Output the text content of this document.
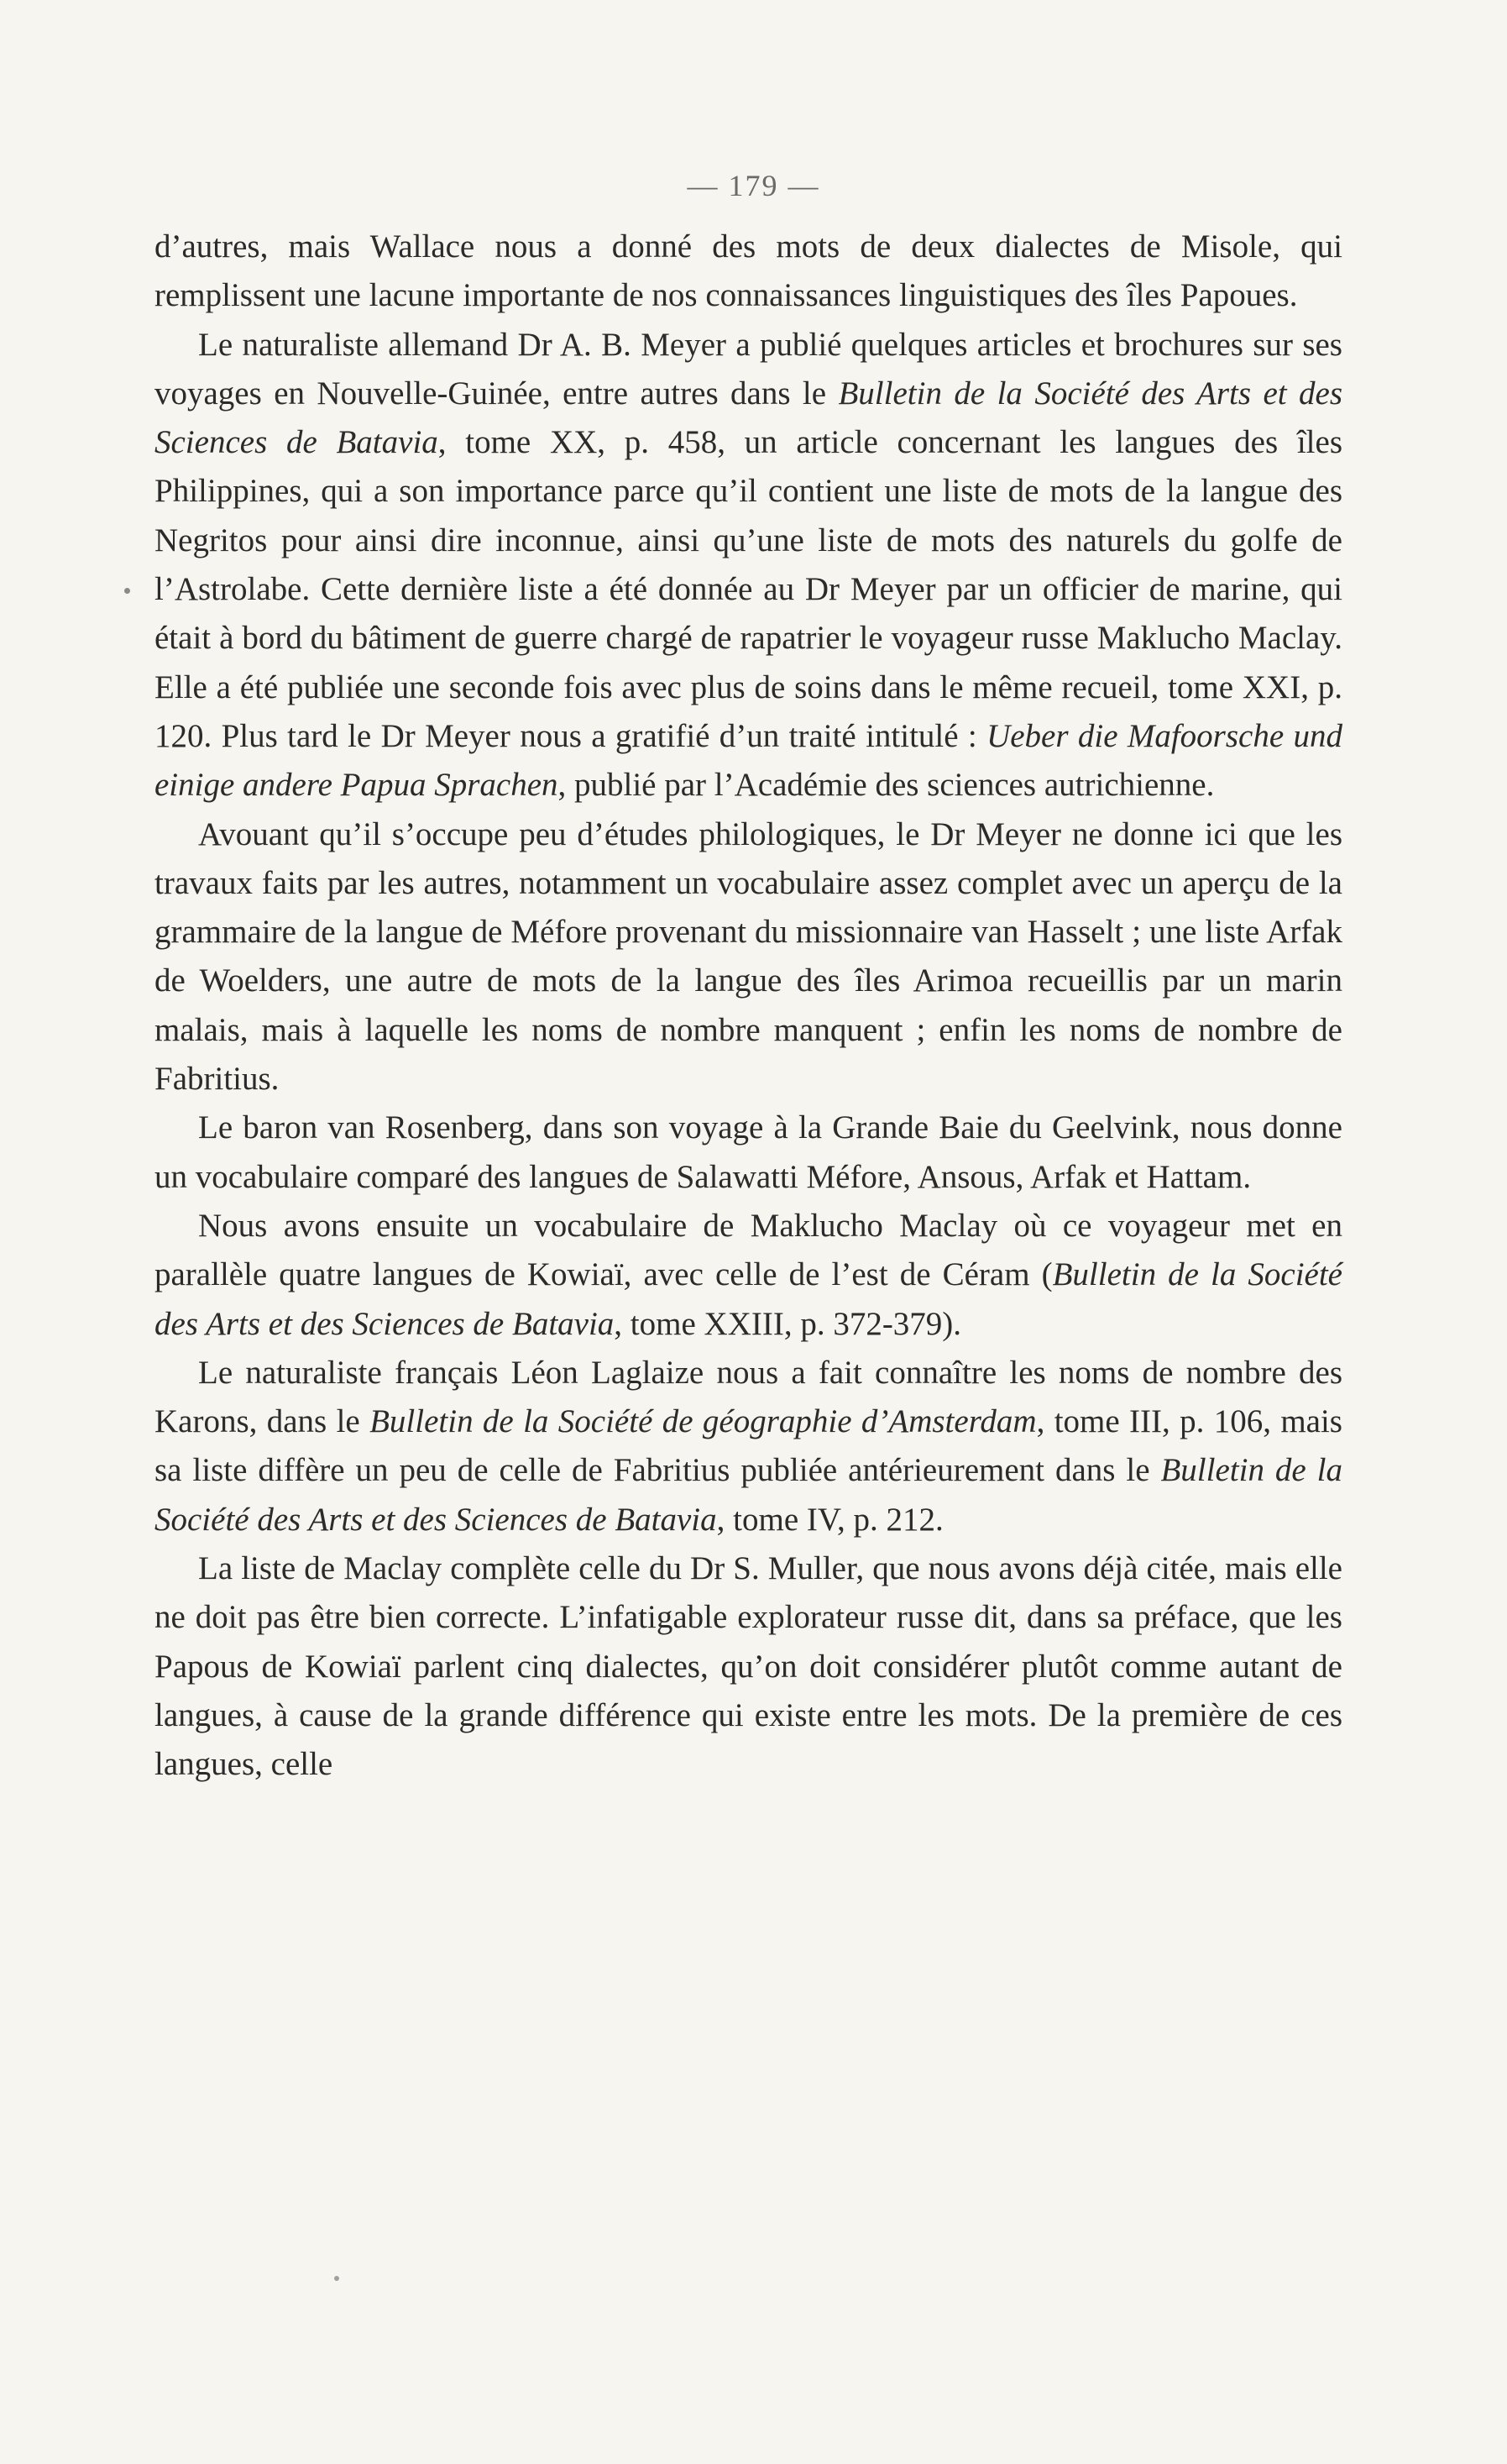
— 179 —

d’autres, mais Wallace nous a donné des mots de deux dialectes de Misole, qui remplissent une lacune importante de nos connaissances linguistiques des îles Papoues.

Le naturaliste allemand Dr A. B. Meyer a publié quelques articles et brochures sur ses voyages en Nouvelle-Guinée, entre autres dans le Bulletin de la Société des Arts et des Sciences de Batavia, tome XX, p. 458, un article concernant les langues des îles Philippines, qui a son importance parce qu’il contient une liste de mots de la langue des Negritos pour ainsi dire inconnue, ainsi qu’une liste de mots des naturels du golfe de l’Astrolabe. Cette dernière liste a été donnée au Dr Meyer par un officier de marine, qui était à bord du bâtiment de guerre chargé de rapatrier le voyageur russe Maklucho Maclay. Elle a été publiée une seconde fois avec plus de soins dans le même recueil, tome XXI, p. 120. Plus tard le Dr Meyer nous a gratifié d’un traité intitulé : Ueber die Mafoorsche und einige andere Papua Sprachen, publié par l’Académie des sciences autrichienne.

Avouant qu’il s’occupe peu d’études philologiques, le Dr Meyer ne donne ici que les travaux faits par les autres, notamment un vocabulaire assez complet avec un aperçu de la grammaire de la langue de Méfore provenant du missionnaire van Hasselt ; une liste Arfak de Woelders, une autre de mots de la langue des îles Arimoa recueillis par un marin malais, mais à laquelle les noms de nombre manquent ; enfin les noms de nombre de Fabritius.

Le baron van Rosenberg, dans son voyage à la Grande Baie du Geelvink, nous donne un vocabulaire comparé des langues de Salawatti Méfore, Ansous, Arfak et Hattam.

Nous avons ensuite un vocabulaire de Maklucho Maclay où ce voyageur met en parallèle quatre langues de Kowiaï, avec celle de l’est de Céram (Bulletin de la Société des Arts et des Sciences de Batavia, tome XXIII, p. 372-379).

Le naturaliste français Léon Laglaize nous a fait connaître les noms de nombre des Karons, dans le Bulletin de la Société de géographie d’Amsterdam, tome III, p. 106, mais sa liste diffère un peu de celle de Fabritius publiée antérieurement dans le Bulletin de la Société des Arts et des Sciences de Batavia, tome IV, p. 212.

La liste de Maclay complète celle du Dr S. Muller, que nous avons déjà citée, mais elle ne doit pas être bien correcte. L’infatigable explorateur russe dit, dans sa préface, que les Papous de Kowiaï parlent cinq dialectes, qu’on doit considérer plutôt comme autant de langues, à cause de la grande différence qui existe entre les mots. De la première de ces langues, celle
